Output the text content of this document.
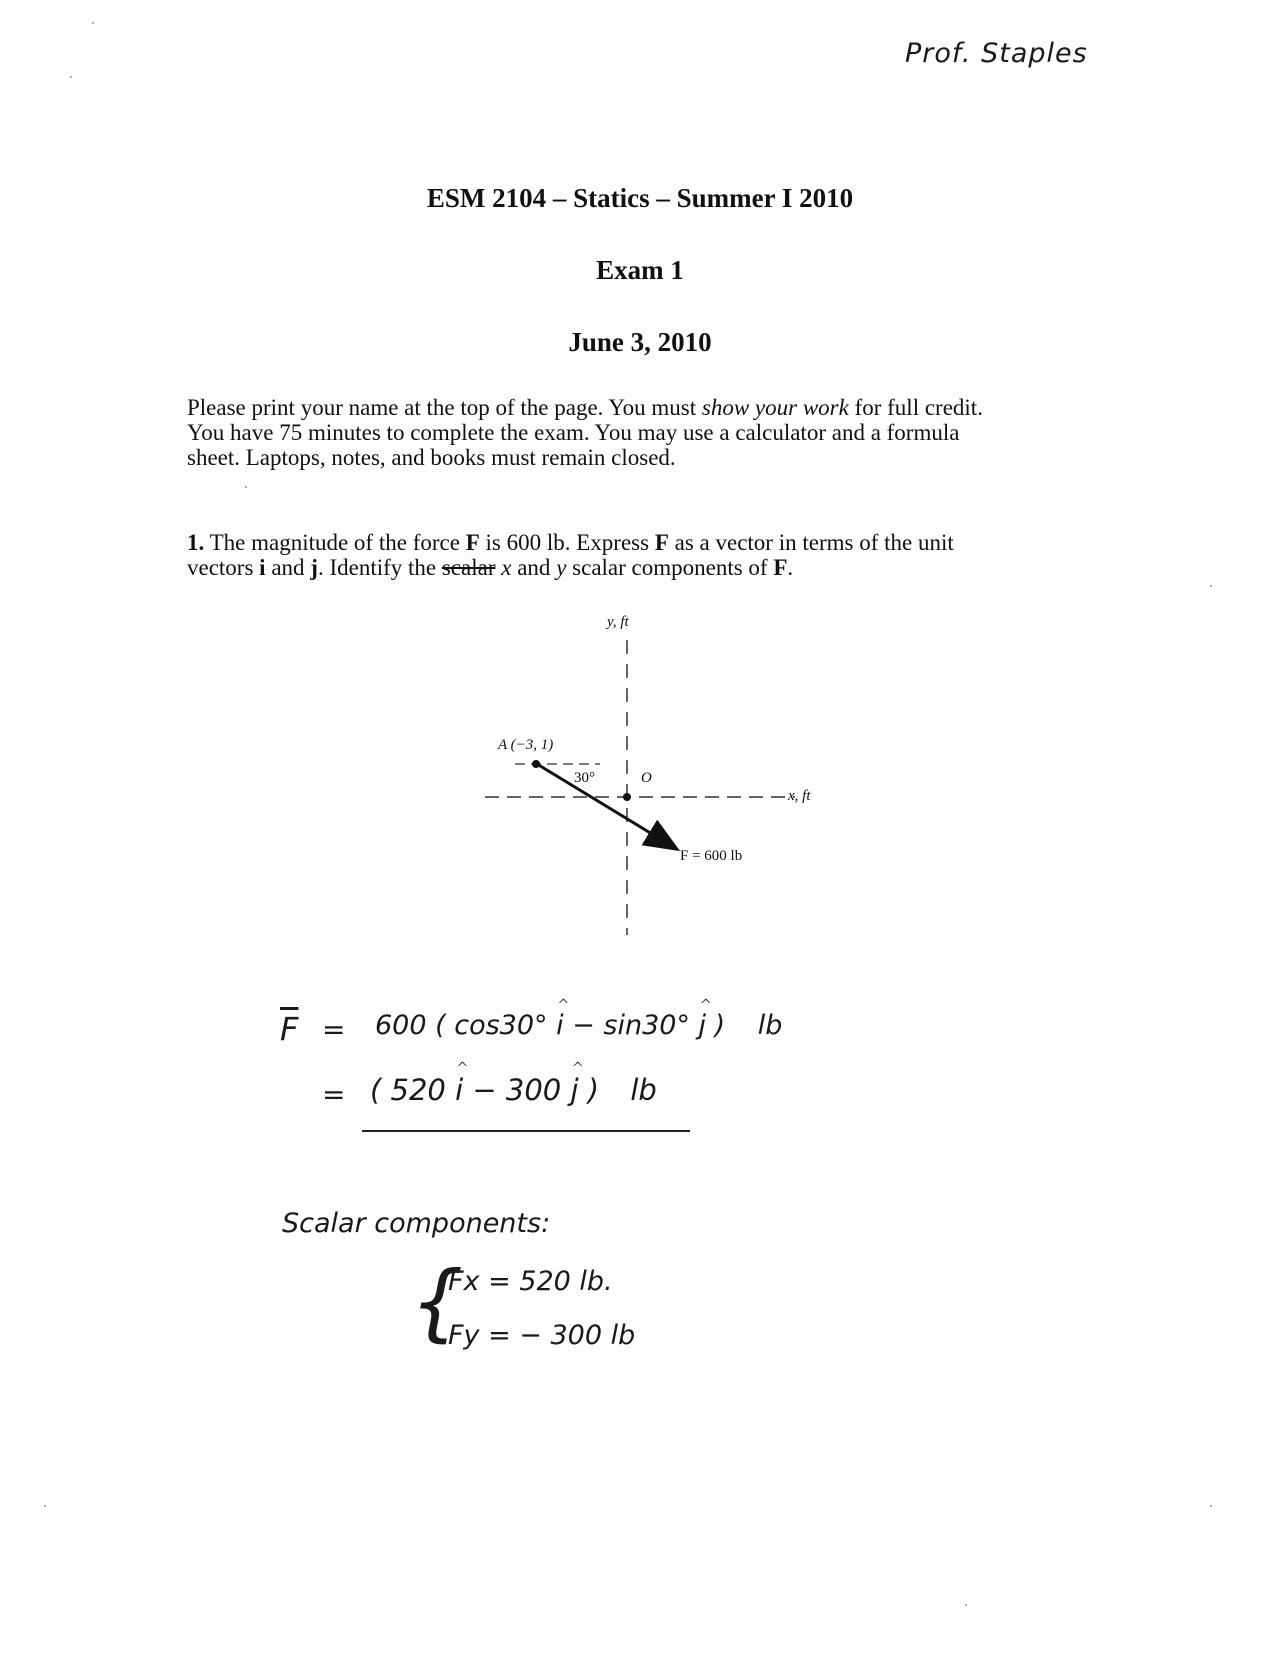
Prof. Staples
ESM 2104 – Statics – Summer I 2010
Exam 1
June 3, 2010
Please print your name at the top of the page. You must show your work for full credit.
You have 75 minutes to complete the exam. You may use a calculator and a formula
sheet. Laptops, notes, and books must remain closed.
1. The magnitude of the force F is 600 lb. Express F as a vector in terms of the unit
vectors i and j. Identify the scalar x and y scalar components of F.
y, ft
x, ft
A (−3, 1)
30°	O
F = 600 lb
$\overline{F} = 600$ ( cos30° ^ i − sin30° ^ j ) lb
= ( 520 ^ i − 300 ^ j ) lb
Scalar components:
{
Fx = 520 lb.
Fy = − 300 lb
